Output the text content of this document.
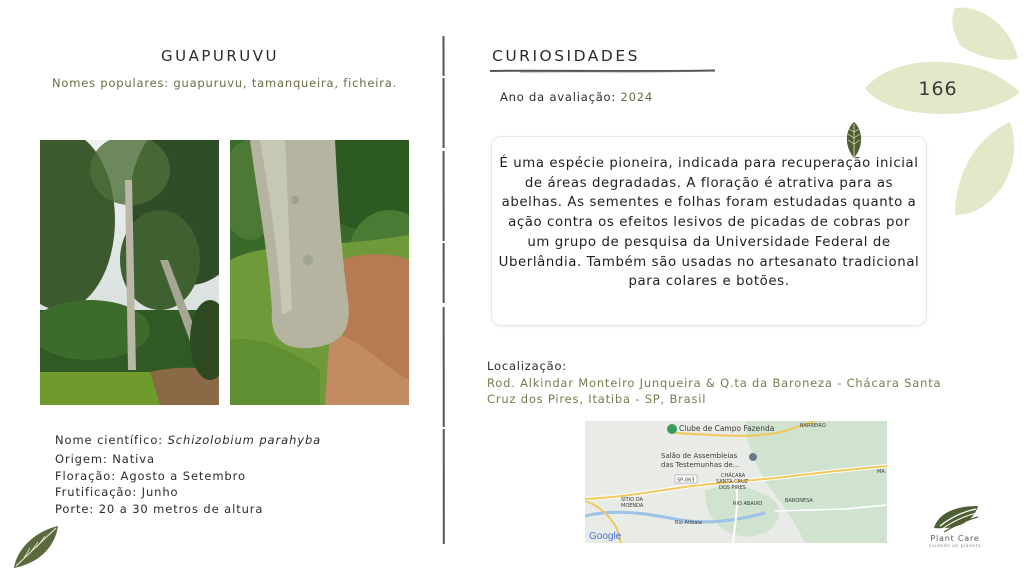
166
GUAPURUVU
Nomes populares: guapuruvu, tamanqueira, ficheira.
Nome científico: Schizolobium parahyba
Origem: Nativa
Floração: Agosto a Setembro
Frutificação: Junho
Porte: 20 a 30 metros de altura
CURIOSIDADES
Ano da avaliação: 2024
É uma espécie pioneira, indicada para recuperação inicial de áreas degradadas. A floração é atrativa para as abelhas. As sementes e folhas foram estudadas quanto a ação contra os efeitos lesivos de picadas de cobras por um grupo de pesquisa da Universidade Federal de Uberlândia. Também são usadas no artesanato tradicional para colares e botões.
Localização:
Rod. Alkindar Monteiro Junqueira & Q.ta da Baroneza - Chácara Santa Cruz dos Pires, Itatiba - SP, Brasil
Clube de Campo Fazenda	BARREIRO
Salão de Assembleias
das Testemunhas de...
SP-063
CHÁCARA
SANTA CRUZ
DOS PIRES
SÍTIO DA
MOENDA	RIO ABAIXO	BARONESA
Rio Atibaia
MA
Google	Plant Care
cuidado ao planeta
